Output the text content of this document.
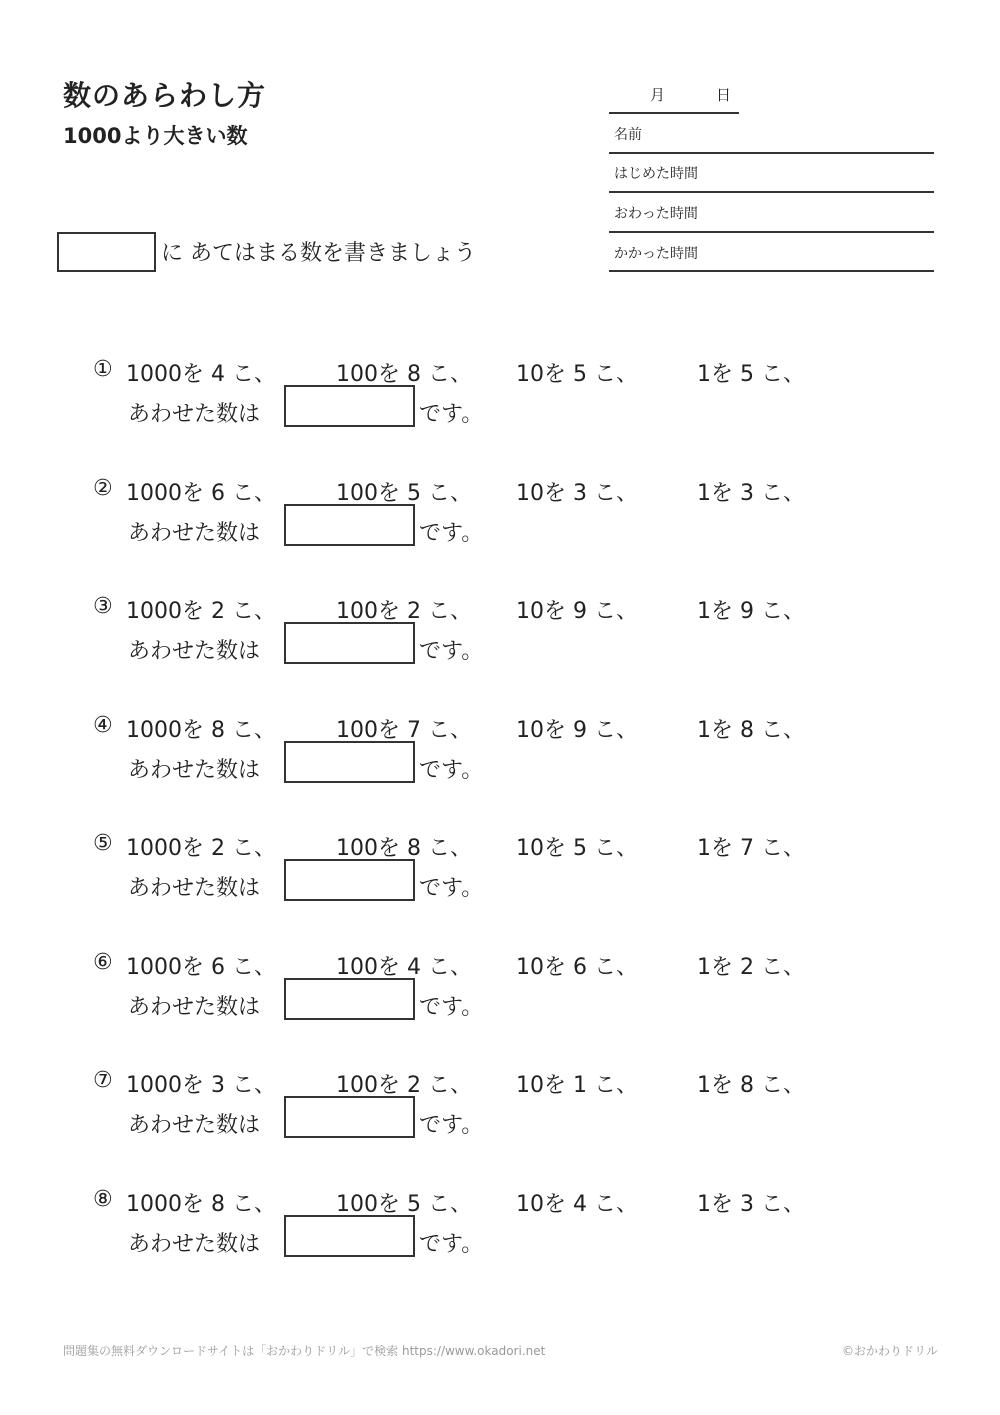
数のあらわし方
1000より大きい数
月	日
名前
はじめた時間
おわった時間
かかった時間
に あてはまる数を書きましょう
① 1000を 4 こ、	100を 8 こ、 10を 5 こ、	1を 5 こ、
あわせた数は	です。
② 1000を 6 こ、	100を 5 こ、 10を 3 こ、	1を 3 こ、
あわせた数は	です。
③ 1000を 2 こ、	100を 2 こ、 10を 9 こ、	1を 9 こ、
あわせた数は	です。
④ 1000を 8 こ、	100を 7 こ、 10を 9 こ、	1を 8 こ、
あわせた数は	です。
⑤ 1000を 2 こ、	100を 8 こ、 10を 5 こ、	1を 7 こ、
あわせた数は	です。
⑥ 1000を 6 こ、	100を 4 こ、 10を 6 こ、	1を 2 こ、
あわせた数は	です。
⑦ 1000を 3 こ、	100を 2 こ、 10を 1 こ、	1を 8 こ、
あわせた数は	です。
⑧ 1000を 8 こ、	100を 5 こ、 10を 4 こ、	1を 3 こ、
あわせた数は	です。
問題集の無料ダウンロードサイトは「おかわりドリル」で検索 https://www.okadori.net	©おかわりドリル
